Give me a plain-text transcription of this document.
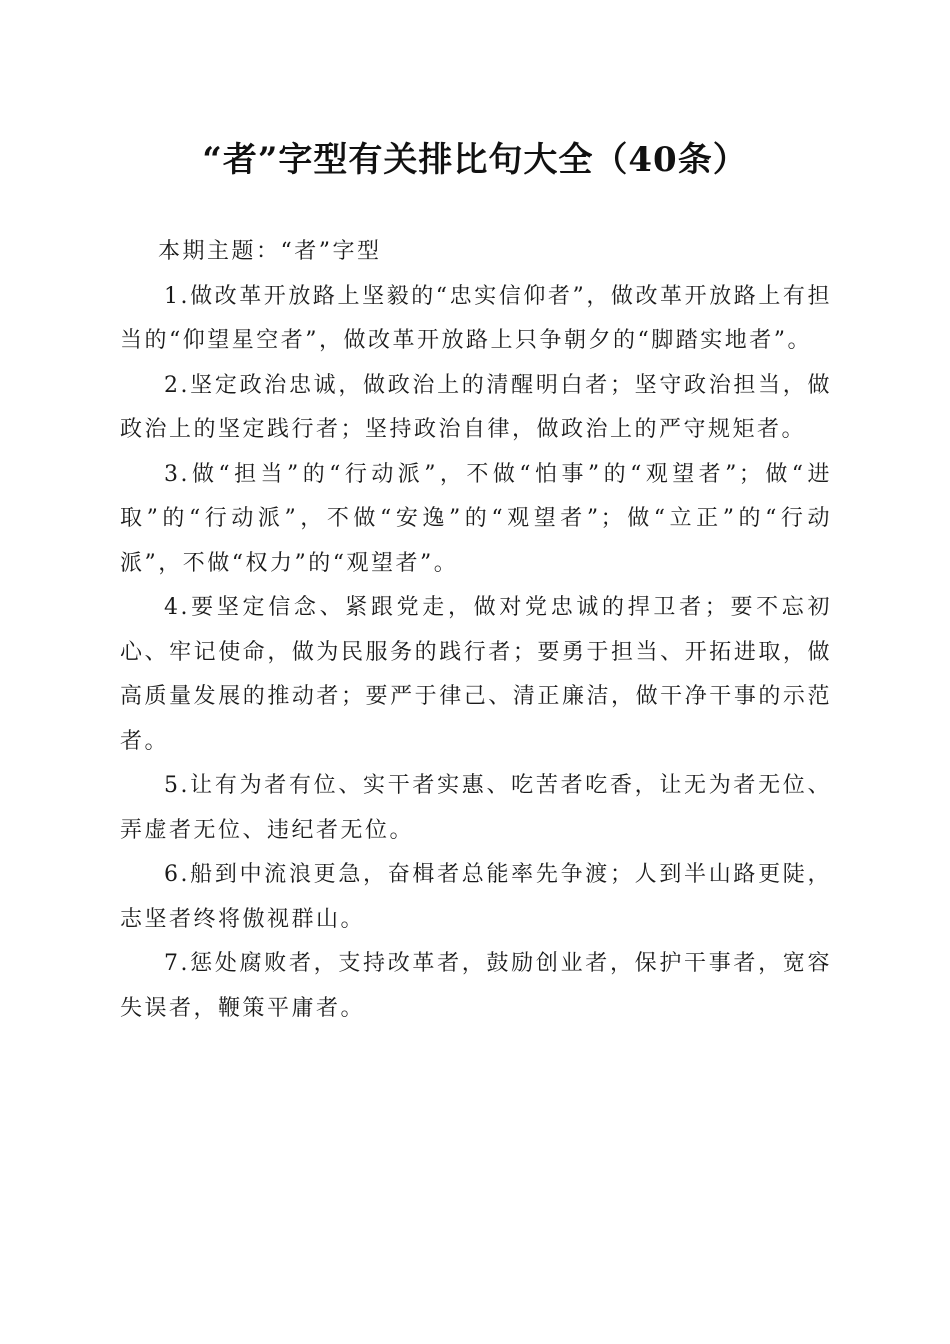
“者”字型有关排比句大全（40条）

本期主题：“者”字型

1.做改革开放路上坚毅的“忠实信仰者”，做改革开放路上有担当的“仰望星空者”，做改革开放路上只争朝夕的“脚踏实地者”。

2.坚定政治忠诚，做政治上的清醒明白者；坚守政治担当，做政治上的坚定践行者；坚持政治自律，做政治上的严守规矩者。

3.做“担当”的“行动派”，不做“怕事”的“观望者”；做“进取”的“行动派”，不做“安逸”的“观望者”；做“立正”的“行动派”，不做“权力”的“观望者”。

4.要坚定信念、紧跟党走，做对党忠诚的捍卫者；要不忘初心、牢记使命，做为民服务的践行者；要勇于担当、开拓进取，做高质量发展的推动者；要严于律己、清正廉洁，做干净干事的示范者。

5.让有为者有位、实干者实惠、吃苦者吃香，让无为者无位、弄虚者无位、违纪者无位。

6.船到中流浪更急，奋楫者总能率先争渡；人到半山路更陡，志坚者终将傲视群山。

7.惩处腐败者，支持改革者，鼓励创业者，保护干事者，宽容失误者，鞭策平庸者。
